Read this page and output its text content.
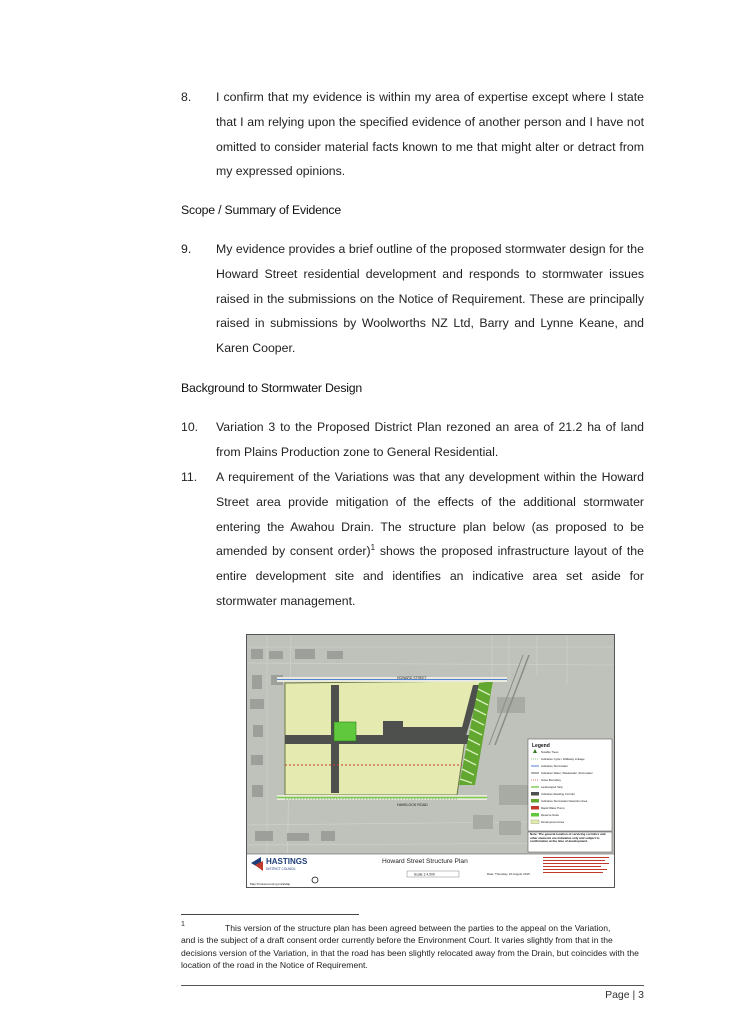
8. I confirm that my evidence is within my area of expertise except where I state that I am relying upon the specified evidence of another person and I have not omitted to consider material facts known to me that might alter or detract from my expressed opinions.
Scope / Summary of Evidence
9. My evidence provides a brief outline of the proposed stormwater design for the Howard Street residential development and responds to stormwater issues raised in the submissions on the Notice of Requirement. These are principally raised in submissions by Woolworths NZ Ltd, Barry and Lynne Keane, and Karen Cooper.
Background to Stormwater Design
10. Variation 3 to the Proposed District Plan rezoned an area of 21.2 ha of land from Plains Production zone to General Residential.
11. A requirement of the Variations was that any development within the Howard Street area provide mitigation of the effects of the additional stormwater entering the Awahou Drain. The structure plan below (as proposed to be amended by consent order)$^1$ shows the proposed infrastructure layout of the entire development site and identifies an indicative area set aside for stormwater management.
HOWARD STREET
HAVELOCK ROAD
Legend
Notable Trees
Indicative Cycle / Walkway Linkage
Indicative Stormwater
Indicative Water, Wastewater, Stormwater
Noise Boundary
Landscaped Strip
Indicative Roading Corridor
Indicative Stormwater Detention Area
Rapid Water Pump
Reserve Node
Development Area
Note: The general location of servicing corridors and other elements are indicative only and subject to confirmation at the time of development.
HASTINGS
DISTRICT COUNCIL
Map Produced using IntraMap
Howard Street Structure Plan
Scale 1:4,000	Date: Thursday, 20 August 2015
1	This version of the structure plan has been agreed between the parties to the appeal on the Variation,
and is the subject of a draft consent order currently before the Environment Court. It varies slightly from that in the decisions version of the Variation, in that the road has been slightly relocated away from the Drain, but coincides with the location of the road in the Notice of Requirement.
Page | 3
